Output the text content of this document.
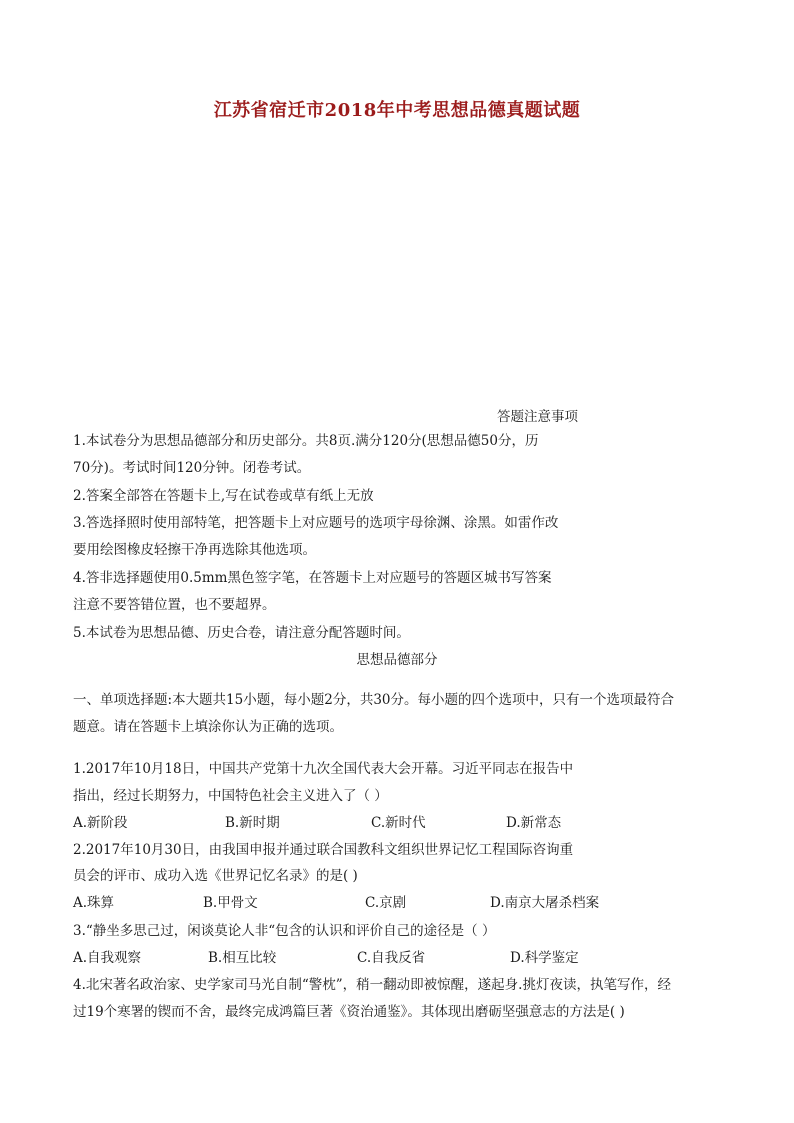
江苏省宿迁市2018年中考思想品德真题试题
答题注意事项
1.本试卷分为思想品德部分和历史部分。共8页.满分120分(思想品德50分，历
70分)。考试时间120分钟。闭卷考试。
2.答案全部答在答题卡上,写在试卷或草有纸上无放
3.答选择照时使用部特笔，把答题卡上对应题号的选项宇母徐渊、涂黑。如雷作改
要用绘图橡皮轻擦干净再选除其他选项。
4.答非选择题使用0.5mm黑色签字笔，在答题卡上对应题号的答题区城书写答案
注意不要答错位置，也不要超界。
5.本试卷为思想品德、历史合卷，请注意分配答题时间。
思想品德部分
一、单项选择题:本大题共15小题，每小题2分，共30分。每小题的四个选项中，只有一个选项最符合
题意。请在答题卡上填涂你认为正确的选项。
1.2017年10月18日，中国共产党第十九次全国代表大会开幕。习近平同志在报告中
指出，经过长期努力，中国特色社会主义进入了（ ）
A.新阶段	B.新时期	C.新时代	D.新常态
2.2017年10月30日，由我国申报并通过联合国教科文组织世界记忆工程国际咨询重
员会的评市、成功入选《世界记忆名录》的是( )
A.珠算	B.甲骨文	C.京剧	D.南京大屠杀档案
3.“静坐多思己过，闲谈莫论人非“包含的认识和评价自己的途径是（ ）
A.自我观察	B.相互比较	C.自我反省	D.科学鉴定
4.北宋著名政治家、史学家司马光自制“警枕”，稍一翻动即被惊醒，遂起身.挑灯夜读，执笔写作，经
过19个寒署的锲而不舍，最终完成鸿篇巨著《资治通鉴》。其体现出磨砺坚强意志的方法是( )
